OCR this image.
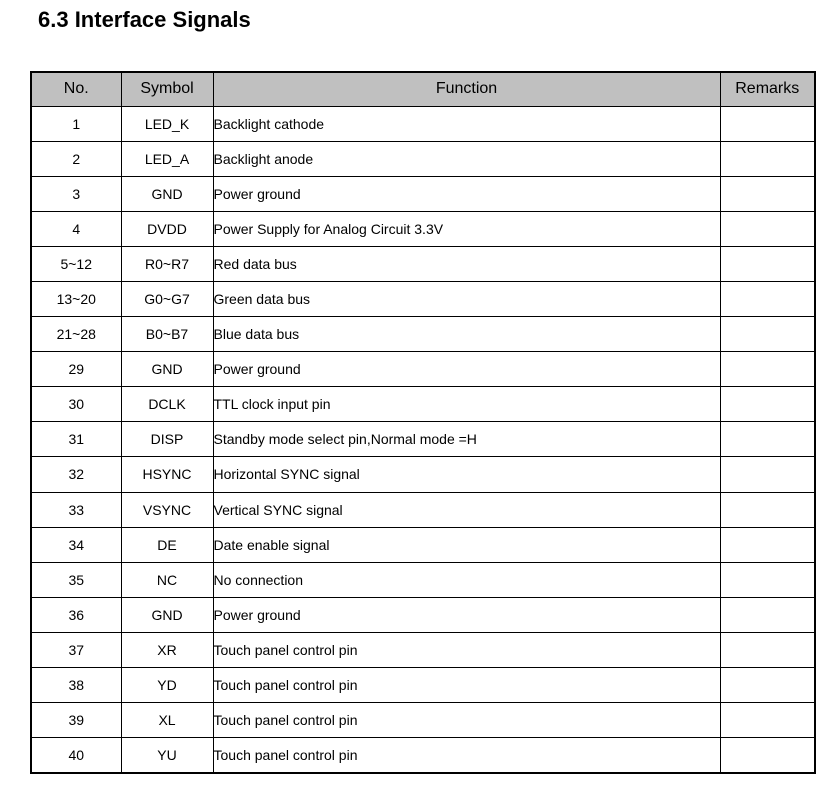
6.3 Interface Signals
No.	Symbol	Function	Remarks
1	LED_K	Backlight cathode	
2	LED_A	Backlight anode	
3	GND	Power ground	
4	DVDD	Power Supply for Analog Circuit 3.3V	
5~12	R0~R7	Red data bus	
13~20	G0~G7	Green data bus	
21~28	B0~B7	Blue data bus	
29	GND	Power ground	
30	DCLK	TTL clock input pin	
31	DISP	Standby mode select pin,Normal mode =H	
32	HSYNC	Horizontal SYNC signal	
33	VSYNC	Vertical SYNC signal	
34	DE	Date enable signal	
35	NC	No connection	
36	GND	Power ground	
37	XR	Touch panel control pin	
38	YD	Touch panel control pin	
39	XL	Touch panel control pin	
40	YU	Touch panel control pin	
